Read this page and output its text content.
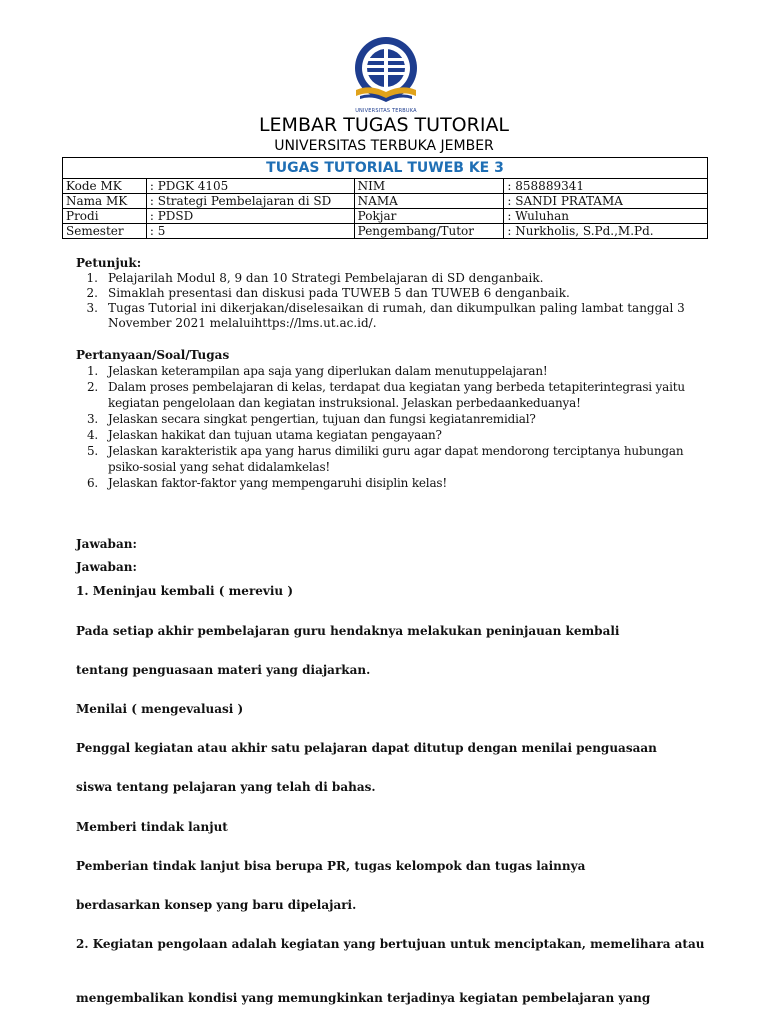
UNIVERSITAS TERBUKA
LEMBAR TUGAS TUTORIAL
UNIVERSITAS TERBUKA JEMBER
TUGAS TUTORIAL TUWEB KE 3			
Kode MK	: PDGK 4105	NIM	: 858889341
Nama MK	: Strategi Pembelajaran di SD	NAMA	: SANDI PRATAMA
Prodi	: PDSD	Pokjar	: Wuluhan
Semester	: 5	Pengembang/Tutor	: Nurkholis, S.Pd.,M.Pd.
Petunjuk:
1. Pelajarilah Modul 8, 9 dan 10 Strategi Pembelajaran di SD denganbaik.
2. Simaklah presentasi dan diskusi pada TUWEB 5 dan TUWEB 6 denganbaik.
3. Tugas Tutorial ini dikerjakan/diselesaikan di rumah, dan dikumpulkan paling lambat tanggal 3 November 2021 melaluihttps://lms.ut.ac.id/.
Pertanyaan/Soal/Tugas
1. Jelaskan keterampilan apa saja yang diperlukan dalam menutuppelajaran!
2. Dalam proses pembelajaran di kelas, terdapat dua kegiatan yang berbeda tetapiterintegrasi yaitu kegiatan pengelolaan dan kegiatan instruksional. Jelaskan perbedaankeduanya!
3. Jelaskan secara singkat pengertian, tujuan dan fungsi kegiatanremidial?
4. Jelaskan hakikat dan tujuan utama kegiatan pengayaan?
5. Jelaskan karakteristik apa yang harus dimiliki guru agar dapat mendorong terciptanya hubungan psiko-sosial yang sehat didalamkelas!
6. Jelaskan faktor-faktor yang mempengaruhi disiplin kelas!
Jawaban:
Jawaban:
1. Meninjau kembali ( mereviu )
Pada setiap akhir pembelajaran guru hendaknya melakukan peninjauan kembali
tentang penguasaan materi yang diajarkan.
Menilai ( mengevaluasi )
Penggal kegiatan atau akhir satu pelajaran dapat ditutup dengan menilai penguasaan
siswa tentang pelajaran yang telah di bahas.
Memberi tindak lanjut
Pemberian tindak lanjut bisa berupa PR, tugas kelompok dan tugas lainnya
berdasarkan konsep yang baru dipelajari.
2. Kegiatan pengolaan adalah kegiatan yang bertujuan untuk menciptakan, memelihara atau
mengembalikan kondisi yang memungkinkan terjadinya kegiatan pembelajaran yang
